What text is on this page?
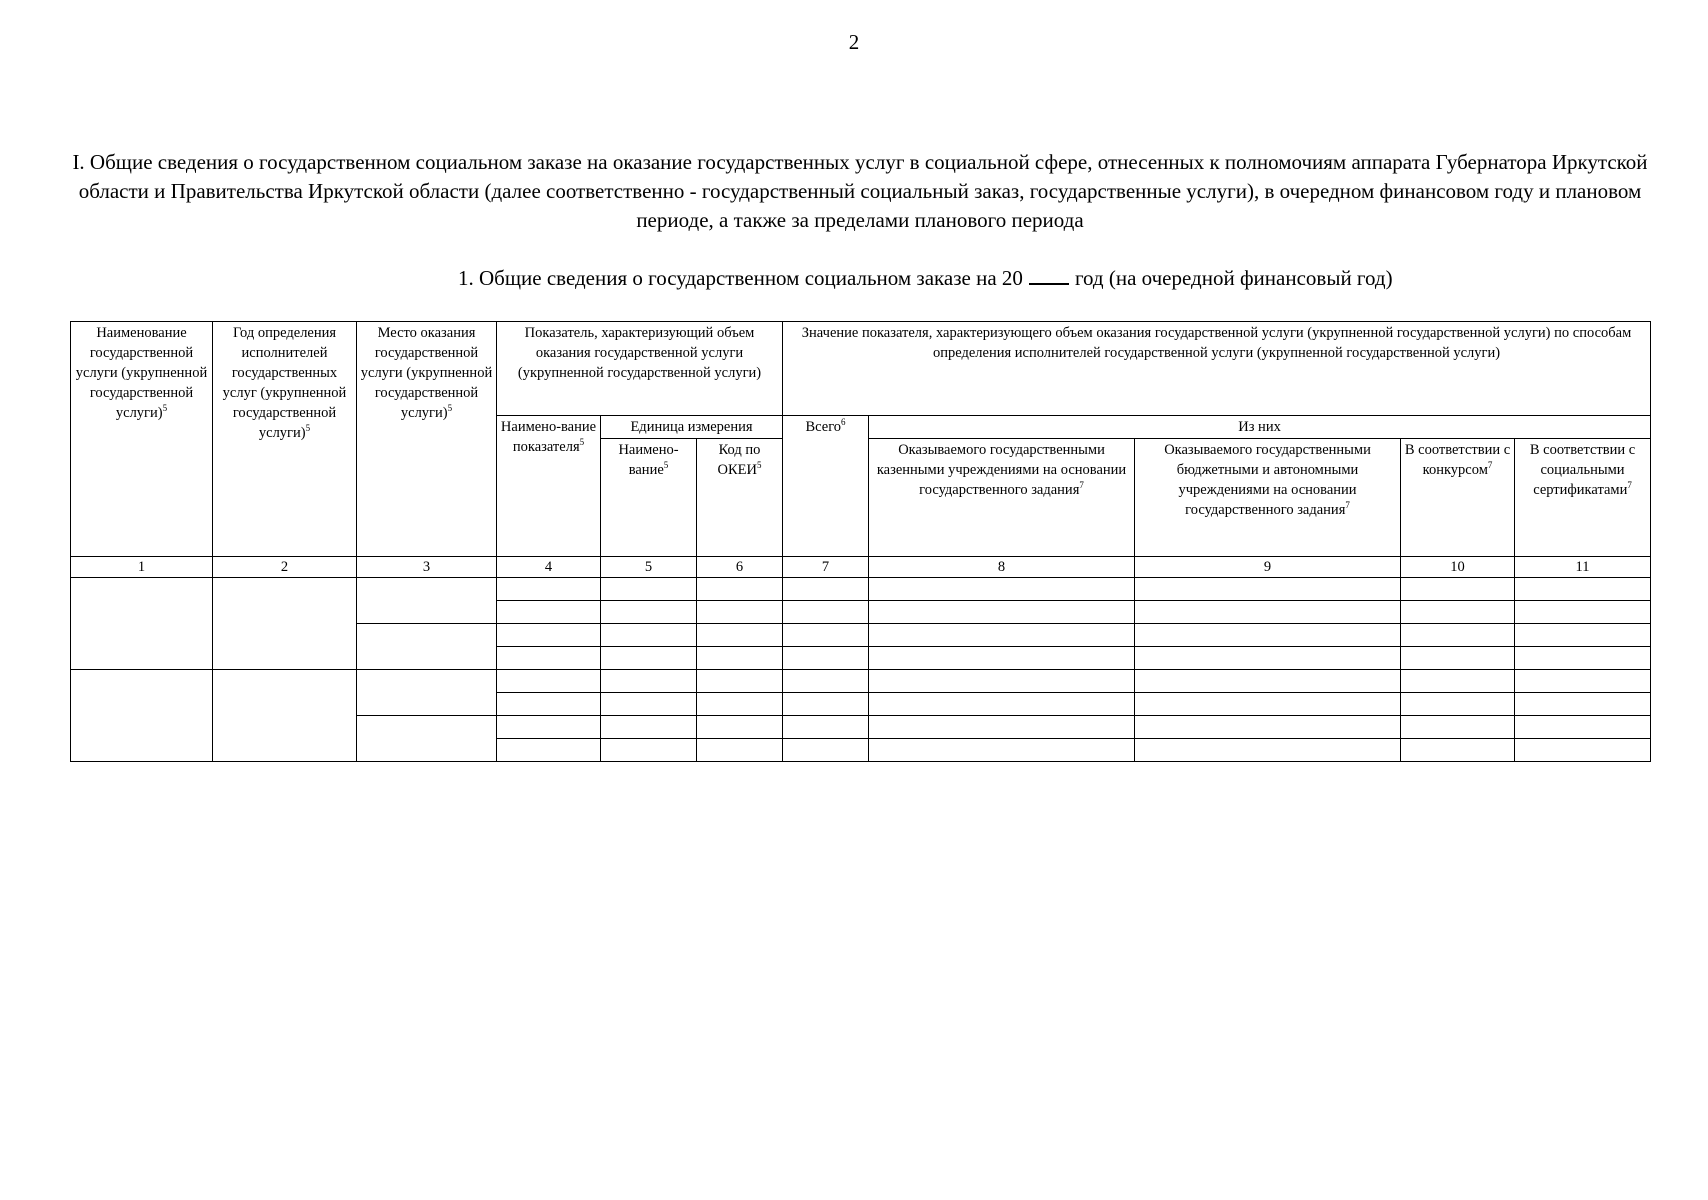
2
I. Общие сведения о государственном социальном заказе на оказание государственных услуг в социальной сфере, отнесенных к полномочиям аппарата Губернатора Иркутской области и Правительства Иркутской области (далее соответственно - государственный социальный заказ, государственные услуги), в очередном финансовом году и плановом периоде, а также за пределами планового периода
1. Общие сведения о государственном социальном заказе на 20 год (на очередной финансовый год)
Наименование государственной услуги (укрупненной государственной услуги)$^5$	Год определения исполнителей государственных услуг (укрупненной государственной услуги)$^5$	Место оказания государственной услуги (укрупненной государственной услуги)$^5$	Показатель, характеризующий объем оказания государственной услуги (укрупненной государственной услуги)			Значение показателя, характеризующего объем оказания государственной услуги (укрупненной государственной услуги) по способам определения исполнителей государственной услуги (укрупненной государственной услуги)				
			Наимено-вание показателя$^5$	Единица измерения		Всего$^6$	Из них			
				Наимено-вание$^5$	Код по ОКЕИ$^5$		Оказываемого государственными казенными учреждениями на основании государственного задания$^7$	Оказываемого государственными бюджетными и автономными учреждениями на основании государственного задания$^7$	В соответствии с конкурсом$^7$	В соответствии с социальными сертификатами$^7$
1	2	3	4	5	6	7	8	9	10	11
